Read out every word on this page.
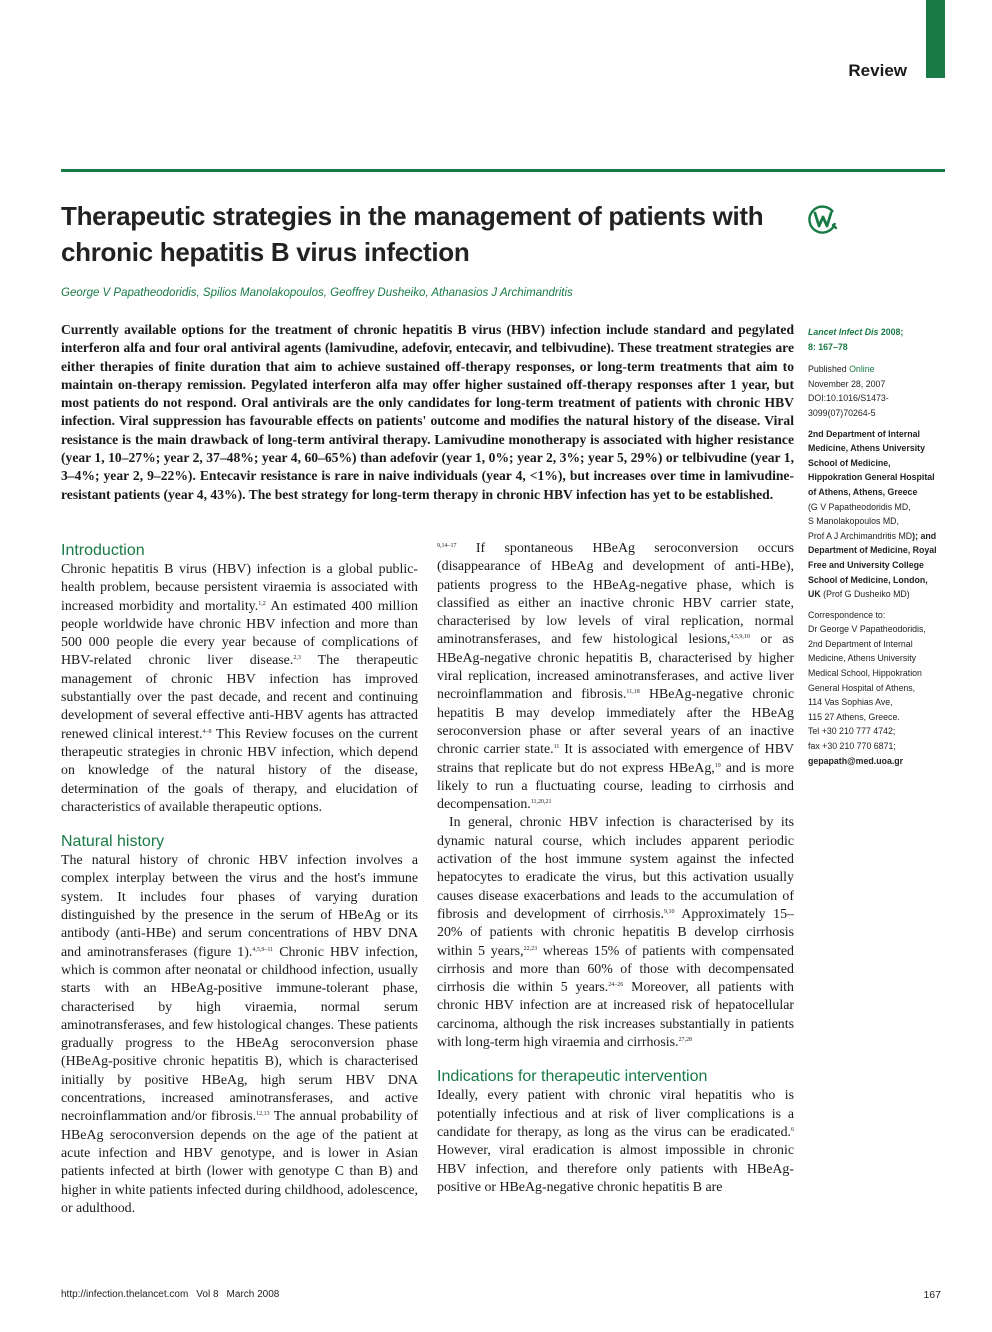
Review
Therapeutic strategies in the management of patients with chronic hepatitis B virus infection

George V Papatheodoridis, Spilios Manolakopoulos, Geoffrey Dusheiko, Athanasios J Archimandritis

Currently available options for the treatment of chronic hepatitis B virus (HBV) infection include standard and pegylated interferon alfa and four oral antiviral agents (lamivudine, adefovir, entecavir, and telbivudine). These treatment strategies are either therapies of finite duration that aim to achieve sustained off-therapy responses, or long-term treatments that aim to maintain on-therapy remission. Pegylated interferon alfa may offer higher sustained off-therapy responses after 1 year, but most patients do not respond. Oral antivirals are the only candidates for long-term treatment of patients with chronic HBV infection. Viral suppression has favourable effects on patients' outcome and modifies the natural history of the disease. Viral resistance is the main drawback of long-term antiviral therapy. Lamivudine monotherapy is associated with higher resistance (year 1, 10–27%; year 2, 37–48%; year 4, 60–65%) than adefovir (year 1, 0%; year 2, 3%; year 5, 29%) or telbivudine (year 1, 3–4%; year 2, 9–22%). Entecavir resistance is rare in naive individuals (year 4, <1%), but increases over time in lamivudine-resistant patients (year 4, 43%). The best strategy for long-term therapy in chronic HBV infection has yet to be established.

Lancet Infect Dis 2008;
8: 167–78

Published Online

November 28, 2007

DOI:10.1016/S1473-

3099(07)70264-5

2nd Department of Internal

Medicine, Athens University

School of Medicine,

Hippokration General Hospital

of Athens, Athens, Greece

(G V Papatheodoridis MD,

S Manolakopoulos MD,

Prof A J Archimandritis MD); and

Department of Medicine, Royal

Free and University College

School of Medicine, London,

UK (Prof G Dusheiko MD)

Correspondence to:

Dr George V Papatheodoridis,

2nd Department of Internal

Medicine, Athens University

Medical School, Hippokration

General Hospital of Athens,

114 Vas Sophias Ave,

115 27 Athens, Greece.

Tel +30 210 777 4742;

fax +30 210 770 6871;

gepapath@med.uoa.gr

Introduction

Chronic hepatitis B virus (HBV) infection is a global public-health problem, because persistent viraemia is associated with increased morbidity and mortality.$^{1,2}$ An estimated 400 million people worldwide have chronic HBV infection and more than 500 000 people die every year because of complications of HBV-related chronic liver disease.$^{2,3}$ The therapeutic management of chronic HBV infection has improved substantially over the past decade, and recent and continuing development of several effective anti-HBV agents has attracted renewed clinical interest.$^{4-8}$ This Review focuses on the current therapeutic strategies in chronic HBV infection, which depend on knowledge of the natural history of the disease, determination of the goals of therapy, and elucidation of characteristics of available therapeutic options.

Natural history

The natural history of chronic HBV infection involves a complex interplay between the virus and the host's immune system. It includes four phases of varying duration distinguished by the presence in the serum of HBeAg or its antibody (anti-HBe) and serum concentrations of HBV DNA and aminotransferases (figure 1).$^{4,5,9-11}$ Chronic HBV infection, which is common after neonatal or childhood infection, usually starts with an HBeAg-positive immune-tolerant phase, characterised by high viraemia, normal serum aminotransferases, and few histological changes. These patients gradually progress to the HBeAg seroconversion phase (HBeAg-positive chronic hepatitis B), which is characterised initially by positive HBeAg, high serum HBV DNA concentrations, increased aminotransferases, and active necroinflammation and/or fibrosis.$^{12,13}$ The annual probability of HBeAg seroconversion depends on the age of the patient at acute infection and HBV genotype, and is lower in Asian patients infected at birth (lower with genotype C than B) and higher in white patients infected during childhood, adolescence, or adulthood.

$^{9,14-17}$ If spontaneous HBeAg seroconversion occurs (disappearance of HBeAg and development of anti-HBe), patients progress to the HBeAg-negative phase, which is classified as either an inactive chronic HBV carrier state, characterised by low levels of viral replication, normal aminotransferases, and few histological lesions,$^{4,5,9,10}$ or as HBeAg-negative chronic hepatitis B, characterised by higher viral replication, increased aminotransferases, and active liver necroinflammation and fibrosis.$^{11,18}$ HBeAg-negative chronic hepatitis B may develop immediately after the HBeAg seroconversion phase or after several years of an inactive chronic carrier state.$^{11}$ It is associated with emergence of HBV strains that replicate but do not express HBeAg,$^{19}$ and is more likely to run a fluctuating course, leading to cirrhosis and decompensation.$^{11,20,21}$

In general, chronic HBV infection is characterised by its dynamic natural course, which includes apparent periodic activation of the host immune system against the infected hepatocytes to eradicate the virus, but this activation usually causes disease exacerbations and leads to the accumulation of fibrosis and development of cirrhosis.$^{9,10}$ Approximately 15–20% of patients with chronic hepatitis B develop cirrhosis within 5 years,$^{22,23}$ whereas 15% of patients with compensated cirrhosis and more than 60% of those with decompensated cirrhosis die within 5 years.$^{24-26}$ Moreover, all patients with chronic HBV infection are at increased risk of hepatocellular carcinoma, although the risk increases substantially in patients with long-term high viraemia and cirrhosis.$^{27,28}$

Indications for therapeutic intervention

Ideally, every patient with chronic viral hepatitis who is potentially infectious and at risk of liver complications is a candidate for therapy, as long as the virus can be eradicated.$^6$ However, viral eradication is almost impossible in chronic HBV infection, and therefore only patients with HBeAg-positive or HBeAg-negative chronic hepatitis B are

http://infection.thelancet.com Vol 8 March 2008	167
